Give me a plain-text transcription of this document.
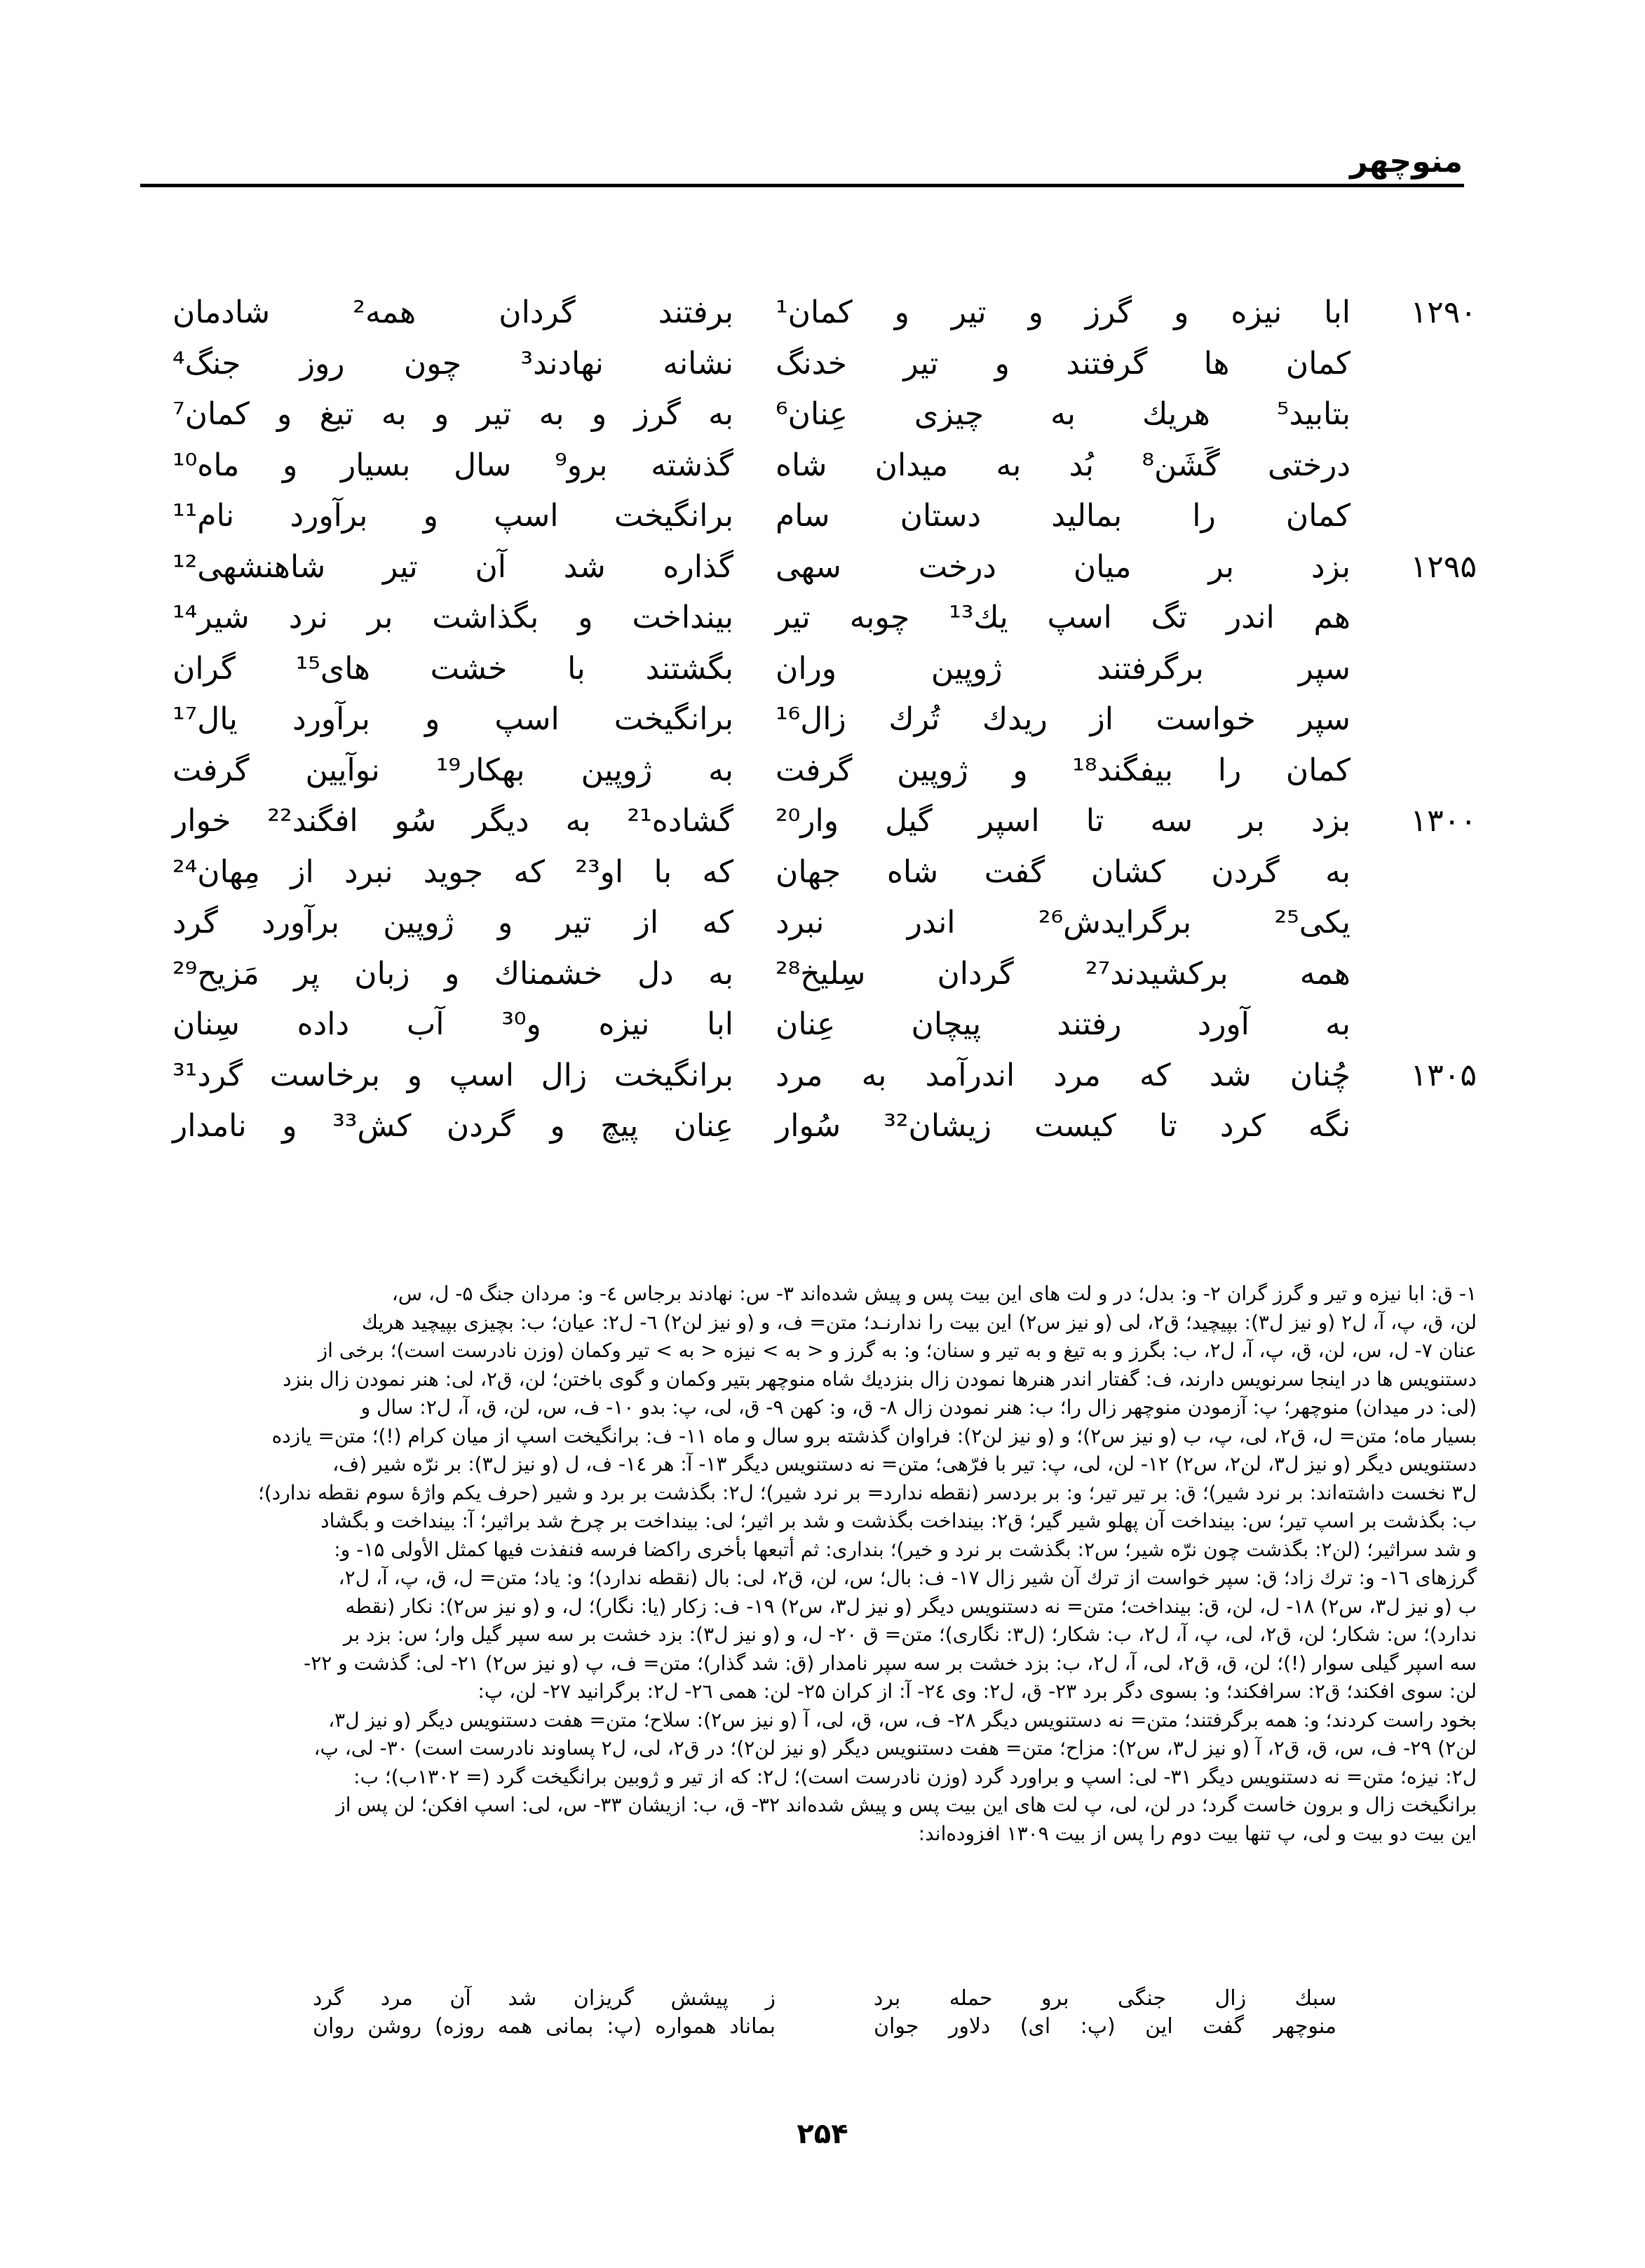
منوچهر
۱۲۹۰
ابا نیزه و گرز و تیر و کمان¹
کمان ها گرفتند و تیر خدنگ
بتابید⁵ هریك به چیزی عِنان⁶
درختی گَشَن⁸ بُد به میدان شاه
کمان را بمالید دستان سام
۱۲۹۵
بزد بر میان درخت سهی
هم اندر تگ اسپ یك¹³ چوبه تیر
سپر برگرفتند ژوپین وران
سپر خواست از ریدك تُرك زال¹⁶
کمان را بیفگند¹⁸ و ژوپین گرفت
۱۳۰۰
بزد بر سه تا اسپر گیل وار²⁰
به گردن کشان گفت شاه جهان
یکی²⁵ برگرایدش²⁶ اندر نبرد
همه برکشیدند²⁷ گردان سِلیخ²⁸
به آورد رفتند پیچان عِنان
۱۳۰۵
چُنان شد که مرد اندرآمد به مرد
نگه کرد تا کیست زیشان³² سُوار
برفتند گردان همه² شادمان
نشانه نهادند³ چون روز جنگ⁴
به گرز و به تیر و به تیغ و کمان⁷
گذشته برو⁹ سال بسیار و ماه¹⁰
برانگیخت اسپ و برآورد نام¹¹
گذاره شد آن تیر شاهنشهی¹²
بینداخت و بگذاشت بر نرد شیر¹⁴
بگشتند با خشت های¹⁵ گران
برانگیخت اسپ و برآورد یال¹⁷
به ژوپین بهکار¹⁹ نوآیین گرفت
گشاده²¹ به دیگر سُو افگند²² خوار
که با او²³ که جوید نبرد از مِهان²⁴
که از تیر و ژوپین برآورد گرد
به دل خشمناك و زبان پر مَزیح²⁹
ابا نیزه و³⁰ آب داده سِنان
برانگیخت زال اسپ و برخاست گرد³¹
عِنان پیچ و گردن کش³³ و نامدار

۱- ق: ابا نیزه و تیر و گرز گران ۲- و: بدل؛ در و لت های این بیت پس و پیش شده‌اند ۳- س: نهادند برجاس ٤- و: مردان جنگ ۵- ل، س،

لن، ق، پ، آ، ل۲ (و نیز ل۳): بپیچید؛ ق۲، لی (و نیز س۲) این بیت را ندارنـد؛ متن= ف، و (و نیز لن۲) ٦- ل۲: عیان؛ ب: بچیزی بپیچید هریك

عنان ۷- ل، س، لن، ق، پ، آ، ل۲، ب: بگرز و به تیغ و به تیر و سنان؛ و: به گرز و < به > نیزه < به > تیر وکمان (وزن نادرست است)؛ برخی از

دستنویس ها در اینجا سرنویس دارند، ف: گفتار اندر هنرها نمودن زال بنزدیك شاه منوچهر بتیر وکمان و گوی باختن؛ لن، ق۲، لی: هنر نمودن زال بنزد

(لی: در میدان) منوچهر؛ پ: آزمودن منوچهر زال را؛ ب: هنر نمودن زال ۸- ق، و: کهن ۹- ق، لی، پ: بدو ۱۰- ف، س، لن، ق، آ، ل۲: سال و

بسیار ماه؛ متن= ل، ق۲، لی، پ، ب (و نیز س۲)؛ و (و نیز لن۲): فراوان گذشته برو سال و ماه ۱۱- ف: برانگیخت اسپ از میان کرام (!)؛ متن= یازده

دستنویس دیگر (و نیز ل۳، لن۲، س۲) ۱۲- لن، لی، پ: تیر با فرّهی؛ متن= نه دستنویس دیگر ۱۳- آ: هر ١٤- ف، ل (و نیز ل۳): بر نرّه شیر (ف،

ل۳ نخست داشته‌اند: بر نرد شیر)؛ ق: بر تیر تیر؛ و: بر بردسر (نقطه ندارد= بر نرد شیر)؛ ل۲: بگذشت بر برد و شیر (حرف یکم واژهٔ سوم نقطه ندارد)؛

ب: بگذشت بر اسپ تیر؛ س: بینداخت آن پهلو شیر گیر؛ ق۲: بینداخت بگذشت و شد بر اثیر؛ لی: بینداخت بر چرخ شد براثیر؛ آ: بینداخت و بگشاد

و شد سراثیر؛ (لن۲: بگذشت چون نرّه شیر؛ س۲: بگذشت بر نرد و خیر)؛ بنداری: ثم أتبعها بأخری راکضا فرسه فنفذت فیها کمثل الأولی ۱۵- و:

گرزهای ۱٦- و: ترك زاد؛ ق: سپر خواست از ترك آن شیر زال ۱۷- ف: بال؛ س، لن، ق۲، لی: بال (نقطه ندارد)؛ و: یاد؛ متن= ل، ق، پ، آ، ل۲،

ب (و نیز ل۳، س۲) ۱۸- ل، لن، ق: بینداخت؛ متن= نه دستنویس دیگر (و نیز ل۳، س۲) ۱۹- ف: زکار (یا: نگار)؛ ل، و (و نیز س۲): نکار (نقطه

ندارد)؛ س: شکار؛ لن، ق۲، لی، پ، آ، ل۲، ب: شکار؛ (ل۳: نگاری)؛ متن= ق ۲۰- ل، و (و نیز ل۳): بزد خشت بر سه سپر گیل وار؛ س: بزد بر

سه اسپر گیلی سوار (!)؛ لن، ق، ق۲، لی، آ، ل۲، ب: بزد خشت بر سه سپر نامدار (ق: شد گذار)؛ متن= ف، پ (و نیز س۲) ۲۱- لی: گذشت و ۲۲-

لن: سوی افکند؛ ق۲: سرافکند؛ و: بسوی دگر برد ۲۳- ق، ل۲: وی ۲٤- آ: از کران ۲۵- لن: همی ۲٦- ل۲: برگرانید ۲۷- لن، پ:

بخود راست کردند؛ و: همه برگرفتند؛ متن= نه دستنویس دیگر ۲۸- ف، س، ق، لی، آ (و نیز س۲): سلاح؛ متن= هفت دستنویس دیگر (و نیز ل۳،

لن۲) ۲۹- ف، س، ق، ق۲، آ (و نیز ل۳، س۲): مزاح؛ متن= هفت دستنویس دیگر (و نیز لن۲)؛ در ق۲، لی، ل۲ پساوند نادرست است) ۳۰- لی، پ،

ل۲: نیزه؛ متن= نه دستنویس دیگر ۳۱- لی: اسپ و براورد گرد (وزن نادرست است)؛ ل۲: که از تیر و ژوبین برانگیخت گرد (= ۱۳۰۲ب)؛ ب:

برانگیخت زال و برون خاست گرد؛ در لن، لی، پ لت های این بیت پس و پیش شده‌اند ۳۲- ق، ب: ازیشان ۳۳- س، لی: اسپ افکن؛ لن پس از

این بیت دو بیت و لی، پ تنها بیت دوم را پس از بیت ۱۳۰۹ افزوده‌اند:

سبك زال جنگی برو حمله برد
ز پیشش گریزان شد آن مرد گرد
منوچهر گفت این (پ: ای) دلاور جوان
بماناد همواره (پ: بمانی همه روزه) روشن روان
۲۵۴
